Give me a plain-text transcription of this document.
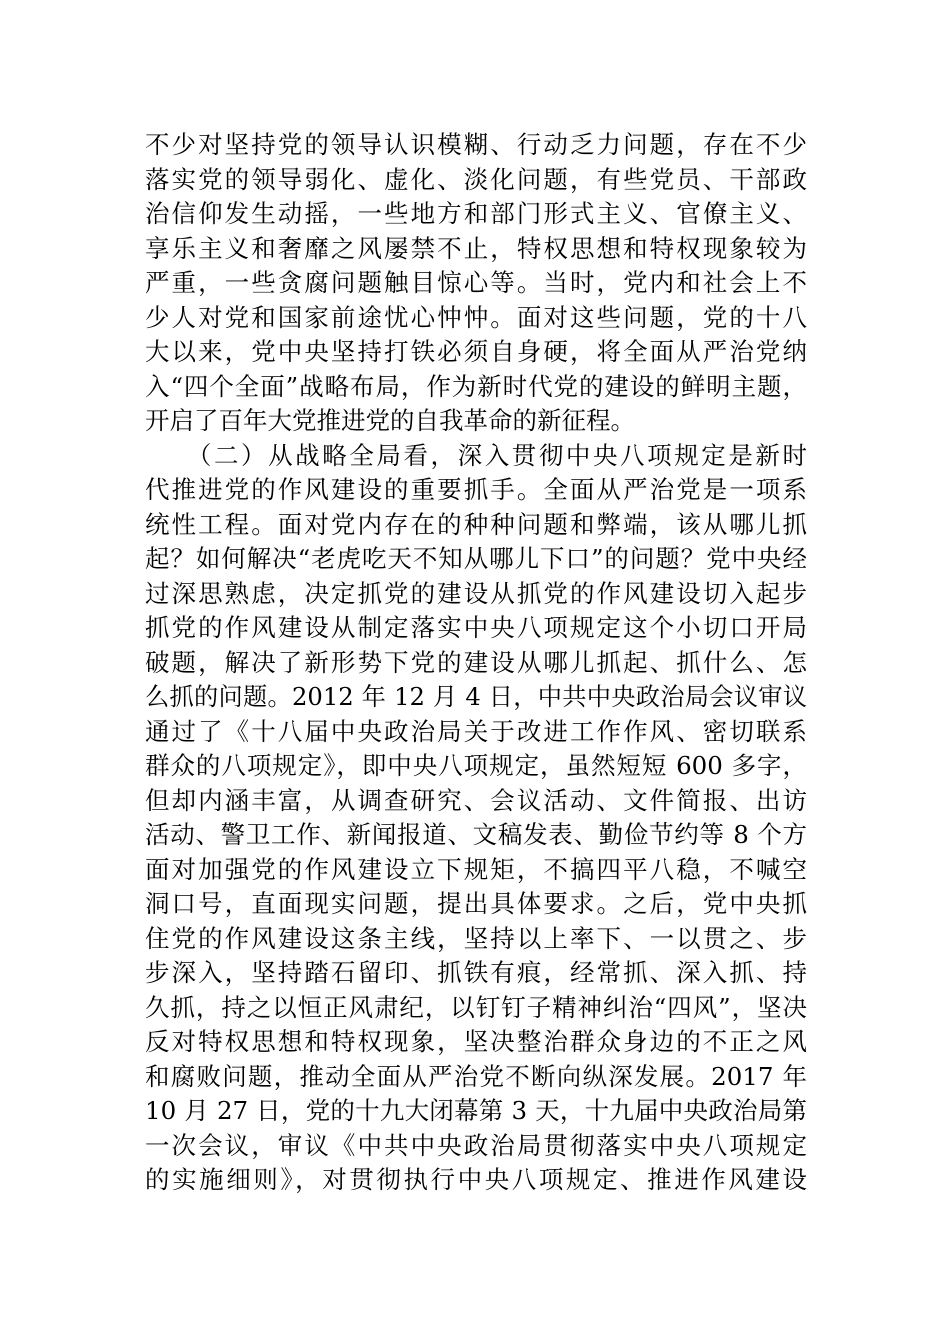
不少对坚持党的领导认识模糊、行动乏力问题，存在不少
落实党的领导弱化、虚化、淡化问题，有些党员、干部政
治信仰发生动摇，一些地方和部门形式主义、官僚主义、
享乐主义和奢靡之风屡禁不止，特权思想和特权现象较为
严重，一些贪腐问题触目惊心等。当时，党内和社会上不
少人对党和国家前途忧心忡忡。面对这些问题，党的十八
大以来，党中央坚持打铁必须自身硬，将全面从严治党纳
入“四个全面”战略布局，作为新时代党的建设的鲜明主题，
开启了百年大党推进党的自我革命的新征程。
　　（二）从战略全局看，深入贯彻中央八项规定是新时
代推进党的作风建设的重要抓手。全面从严治党是一项系
统性工程。面对党内存在的种种问题和弊端，该从哪儿抓
起？如何解决“老虎吃天不知从哪儿下口”的问题？党中央经
过深思熟虑，决定抓党的建设从抓党的作风建设切入起步
抓党的作风建设从制定落实中央八项规定这个小切口开局
破题，解决了新形势下党的建设从哪儿抓起、抓什么、怎
么抓的问题。2012 年 12 月 4 日，中共中央政治局会议审议
通过了《十八届中央政治局关于改进工作作风、密切联系
群众的八项规定》，即中央八项规定，虽然短短 600 多字，
但却内涵丰富，从调查研究、会议活动、文件简报、出访
活动、警卫工作、新闻报道、文稿发表、勤俭节约等 8 个方
面对加强党的作风建设立下规矩，不搞四平八稳，不喊空
洞口号，直面现实问题，提出具体要求。之后，党中央抓
住党的作风建设这条主线，坚持以上率下、一以贯之、步
步深入，坚持踏石留印、抓铁有痕，经常抓、深入抓、持
久抓，持之以恒正风肃纪，以钉钉子精神纠治“四风”，坚决
反对特权思想和特权现象，坚决整治群众身边的不正之风
和腐败问题，推动全面从严治党不断向纵深发展。2017 年
10 月 27 日，党的十九大闭幕第 3 天，十九届中央政治局第
一次会议，审议《中共中央政治局贯彻落实中央八项规定
的实施细则》，对贯彻执行中央八项规定、推进作风建设
